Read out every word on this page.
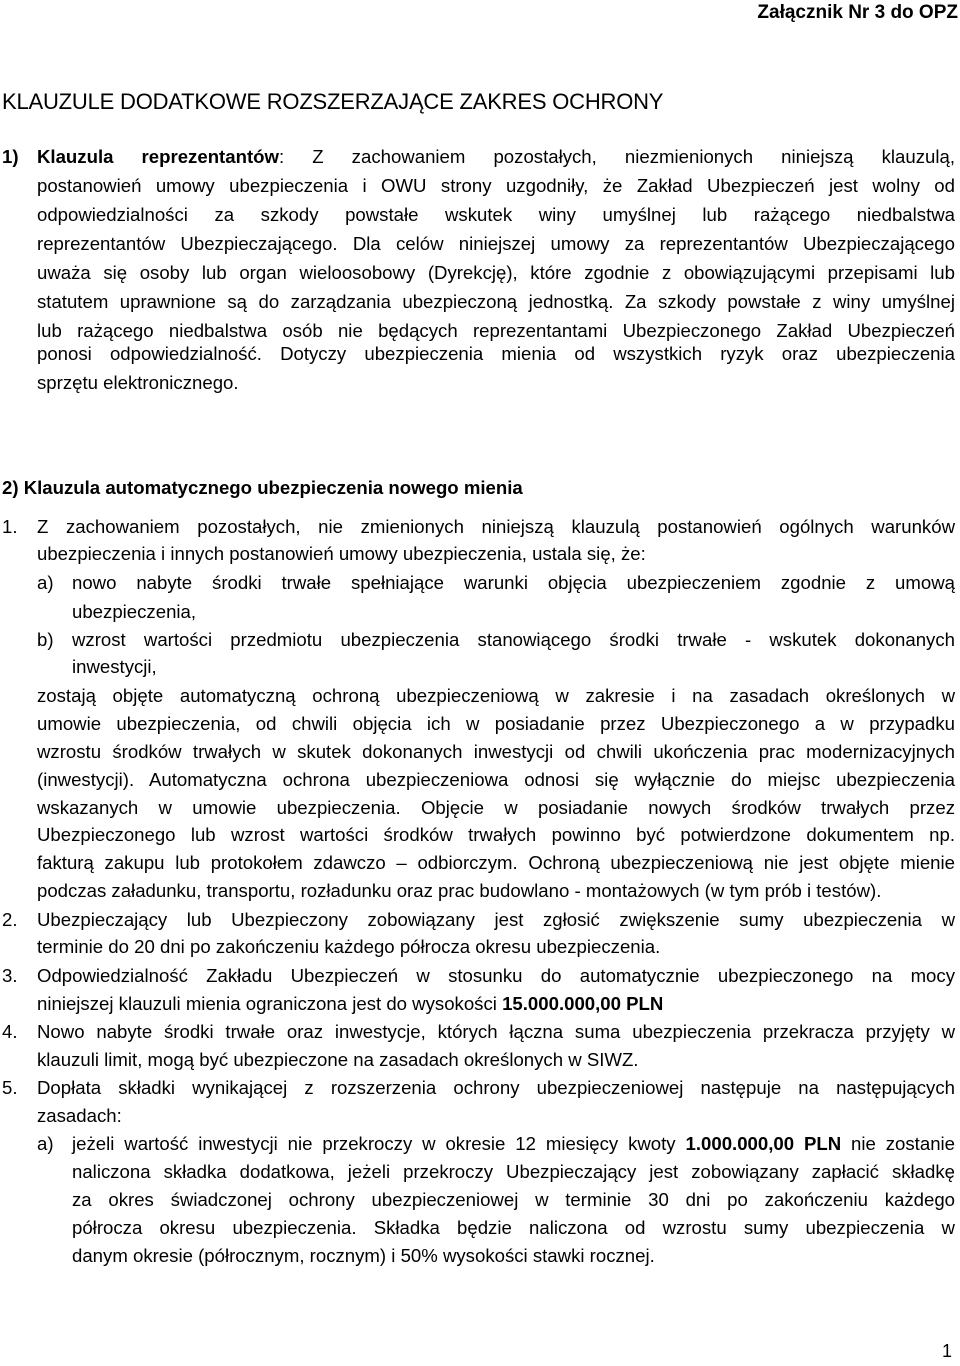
Załącznik Nr 3 do OPZ
KLAUZULE DODATKOWE ROZSZERZAJĄCE ZAKRES OCHRONY
1) Klauzula reprezentantów: Z zachowaniem pozostałych, niezmienionych niniejszą klauzulą,
postanowień umowy ubezpieczenia i OWU strony uzgodniły, że Zakład Ubezpieczeń jest wolny od
odpowiedzialności za szkody powstałe wskutek winy umyślnej lub rażącego niedbalstwa
reprezentantów Ubezpieczającego. Dla celów niniejszej umowy za reprezentantów Ubezpieczającego
uważa się osoby lub organ wieloosobowy (Dyrekcję), które zgodnie z obowiązującymi przepisami lub
statutem uprawnione są do zarządzania ubezpieczoną jednostką. Za szkody powstałe z winy umyślnej
lub rażącego niedbalstwa osób nie będących reprezentantami Ubezpieczonego Zakład Ubezpieczeń
ponosi odpowiedzialność. Dotyczy ubezpieczenia mienia od wszystkich ryzyk oraz ubezpieczenia
sprzętu elektronicznego.
2) Klauzula automatycznego ubezpieczenia nowego mienia
1. Z zachowaniem pozostałych, nie zmienionych niniejszą klauzulą postanowień ogólnych warunków
ubezpieczenia i innych postanowień umowy ubezpieczenia, ustala się, że:
a) nowo nabyte środki trwałe spełniające warunki objęcia ubezpieczeniem zgodnie z umową
ubezpieczenia,
b) wzrost wartości przedmiotu ubezpieczenia stanowiącego środki trwałe - wskutek dokonanych
inwestycji,
zostają objęte automatyczną ochroną ubezpieczeniową w zakresie i na zasadach określonych w
umowie ubezpieczenia, od chwili objęcia ich w posiadanie przez Ubezpieczonego a w przypadku
wzrostu środków trwałych w skutek dokonanych inwestycji od chwili ukończenia prac modernizacyjnych
(inwestycji). Automatyczna ochrona ubezpieczeniowa odnosi się wyłącznie do miejsc ubezpieczenia
wskazanych w umowie ubezpieczenia. Objęcie w posiadanie nowych środków trwałych przez
Ubezpieczonego lub wzrost wartości środków trwałych powinno być potwierdzone dokumentem np.
fakturą zakupu lub protokołem zdawczo – odbiorczym. Ochroną ubezpieczeniową nie jest objęte mienie
podczas załadunku, transportu, rozładunku oraz prac budowlano - montażowych (w tym prób i testów).
2. Ubezpieczający lub Ubezpieczony zobowiązany jest zgłosić zwiększenie sumy ubezpieczenia w
terminie do 20 dni po zakończeniu każdego półrocza okresu ubezpieczenia.
3. Odpowiedzialność Zakładu Ubezpieczeń w stosunku do automatycznie ubezpieczonego na mocy
niniejszej klauzuli mienia ograniczona jest do wysokości 15.000.000,00 PLN
4. Nowo nabyte środki trwałe oraz inwestycje, których łączna suma ubezpieczenia przekracza przyjęty w
klauzuli limit, mogą być ubezpieczone na zasadach określonych w SIWZ.
5. Dopłata składki wynikającej z rozszerzenia ochrony ubezpieczeniowej następuje na następujących
zasadach:
a) jeżeli wartość inwestycji nie przekroczy w okresie 12 miesięcy kwoty 1.000.000,00 PLN nie zostanie
naliczona składka dodatkowa, jeżeli przekroczy Ubezpieczający jest zobowiązany zapłacić składkę
za okres świadczonej ochrony ubezpieczeniowej w terminie 30 dni po zakończeniu każdego
półrocza okresu ubezpieczenia. Składka będzie naliczona od wzrostu sumy ubezpieczenia w
danym okresie (półrocznym, rocznym) i 50% wysokości stawki rocznej.
1
